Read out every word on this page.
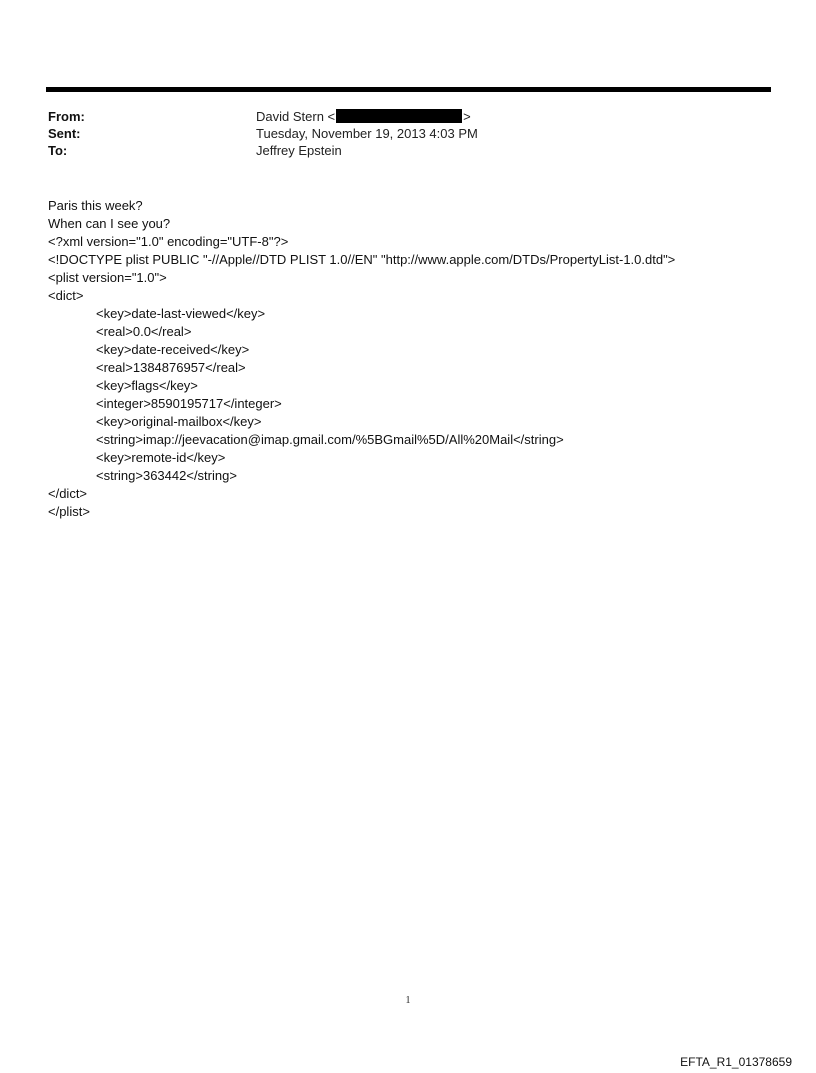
From:	David Stern <	>
Sent:	Tuesday, November 19, 2013 4:03 PM
To:	Jeffrey Epstein
Paris this week?
When can I see you?
<?xml version="1.0" encoding="UTF-8"?>
<!DOCTYPE plist PUBLIC "-//Apple//DTD PLIST 1.0//EN" "http://www.apple.com/DTDs/PropertyList-1.0.dtd">
<plist version="1.0">
<dict>
<key>date-last-viewed</key>
<real>0.0</real>
<key>date-received</key>
<real>1384876957</real>
<key>flags</key>
<integer>8590195717</integer>
<key>original-mailbox</key>
<string>imap://jeevacation@imap.gmail.com/%5BGmail%5D/All%20Mail</string>
<key>remote-id</key>
<string>363442</string>
</dict>
</plist>
1
EFTA_R1_01378659
